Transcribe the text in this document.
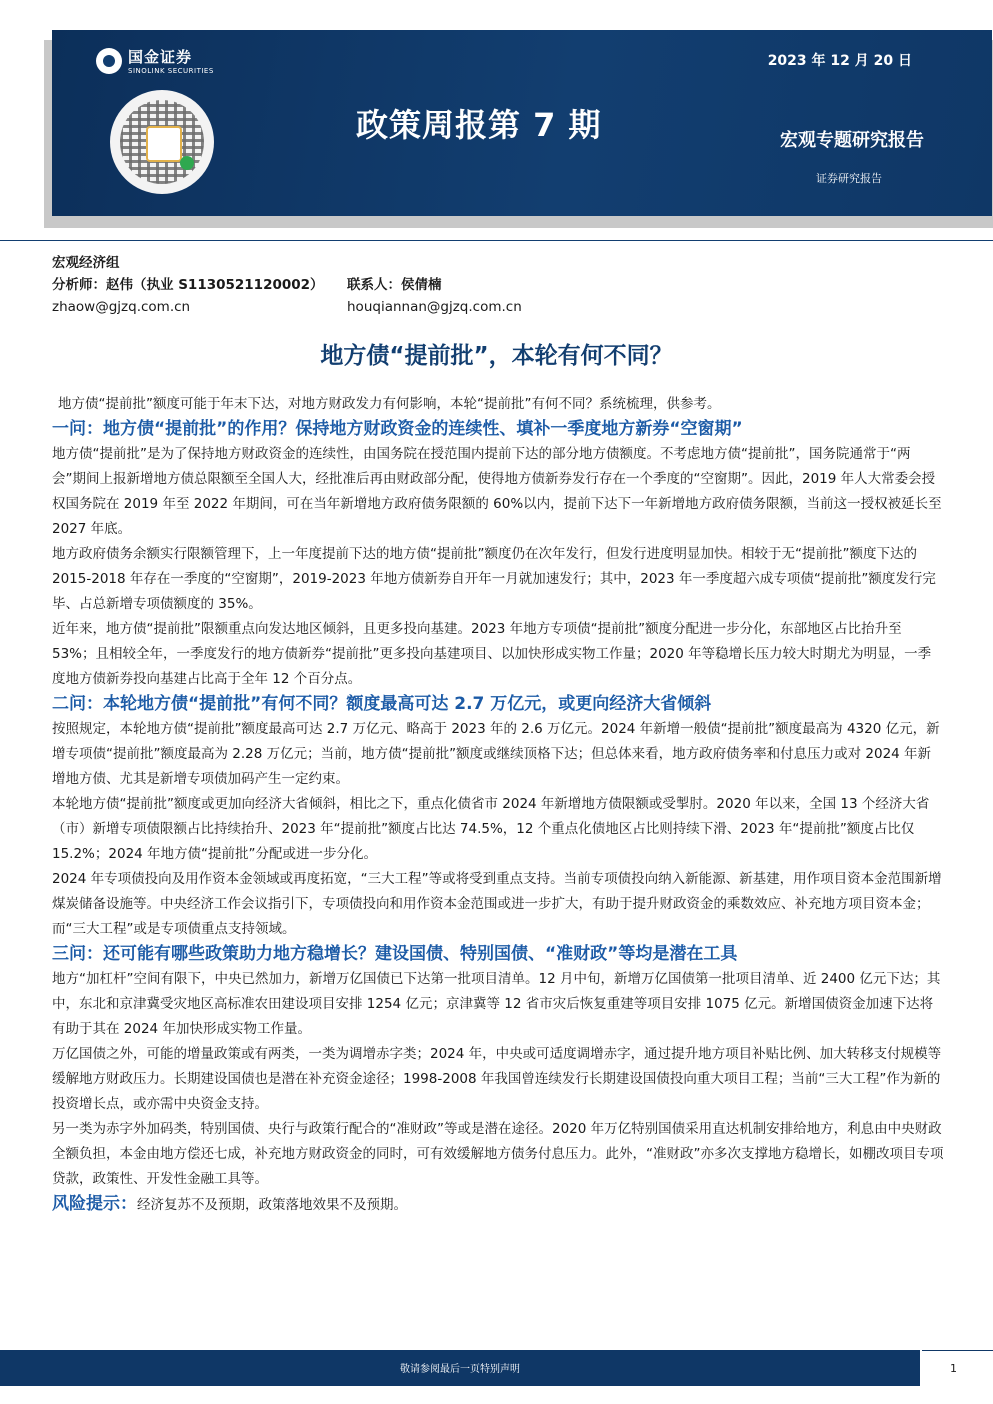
国金证券
SINOLINK SECURITIES
2023 年 12 月 20 日
政策周报第 7 期	宏观专题研究报告
证券研究报告
宏观经济组
分析师：赵伟（执业 S1130521120002）	联系人：侯倩楠
zhaow@gjzq.com.cn	houqiannan@gjzq.com.cn
地方债“提前批”，本轮有何不同？

地方债“提前批”额度可能于年末下达，对地方财政发力有何影响，本轮“提前批”有何不同？系统梳理，供参考。

一问：地方债“提前批”的作用？保持地方财政资金的连续性、填补一季度地方新券“空窗期”

地方债“提前批”是为了保持地方财政资金的连续性，由国务院在授范围内提前下达的部分地方债额度。不考虑地方债“提前批”，国务院通常于“两会”期间上报新增地方债总限额至全国人大，经批准后再由财政部分配，使得地方债新券发行存在一个季度的“空窗期”。因此，2019 年人大常委会授权国务院在 2019 年至 2022 年期间，可在当年新增地方政府债务限额的 60%以内，提前下达下一年新增地方政府债务限额，当前这一授权被延长至 2027 年底。

地方政府债务余额实行限额管理下，上一年度提前下达的地方债“提前批”额度仍在次年发行，但发行进度明显加快。相较于无“提前批”额度下达的 2015-2018 年存在一季度的“空窗期”，2019-2023 年地方债新券自开年一月就加速发行；其中，2023 年一季度超六成专项债“提前批”额度发行完毕、占总新增专项债额度的 35%。

近年来，地方债“提前批”限额重点向发达地区倾斜，且更多投向基建。2023 年地方专项债“提前批”额度分配进一步分化，东部地区占比抬升至 53%；且相较全年，一季度发行的地方债新券“提前批”更多投向基建项目、以加快形成实物工作量；2020 年等稳增长压力较大时期尤为明显，一季度地方债新券投向基建占比高于全年 12 个百分点。

二问：本轮地方债“提前批”有何不同？额度最高可达 2.7 万亿元，或更向经济大省倾斜

按照规定，本轮地方债“提前批”额度最高可达 2.7 万亿元、略高于 2023 年的 2.6 万亿元。2024 年新增一般债“提前批”额度最高为 4320 亿元，新增专项债“提前批”额度最高为 2.28 万亿元；当前，地方债“提前批”额度或继续顶格下达；但总体来看，地方政府债务率和付息压力或对 2024 年新增地方债、尤其是新增专项债加码产生一定约束。

本轮地方债“提前批”额度或更加向经济大省倾斜，相比之下，重点化债省市 2024 年新增地方债限额或受掣肘。2020 年以来，全国 13 个经济大省（市）新增专项债限额占比持续抬升、2023 年“提前批”额度占比达 74.5%，12 个重点化债地区占比则持续下滑、2023 年“提前批”额度占比仅 15.2%；2024 年地方债“提前批”分配或进一步分化。

2024 年专项债投向及用作资本金领域或再度拓宽，“三大工程”等或将受到重点支持。当前专项债投向纳入新能源、新基建，用作项目资本金范围新增煤炭储备设施等。中央经济工作会议指引下，专项债投向和用作资本金范围或进一步扩大，有助于提升财政资金的乘数效应、补充地方项目资本金；而“三大工程”或是专项债重点支持领域。

三问：还可能有哪些政策助力地方稳增长？建设国债、特别国债、“准财政”等均是潜在工具

地方“加杠杆”空间有限下，中央已然加力，新增万亿国债已下达第一批项目清单。12 月中旬，新增万亿国债第一批项目清单、近 2400 亿元下达；其中，东北和京津冀受灾地区高标准农田建设项目安排 1254 亿元；京津冀等 12 省市灾后恢复重建等项目安排 1075 亿元。新增国债资金加速下达将有助于其在 2024 年加快形成实物工作量。

万亿国债之外，可能的增量政策或有两类，一类为调增赤字类；2024 年，中央或可适度调增赤字，通过提升地方项目补贴比例、加大转移支付规模等缓解地方财政压力。长期建设国债也是潜在补充资金途径；1998-2008 年我国曾连续发行长期建设国债投向重大项目工程；当前“三大工程”作为新的投资增长点，或亦需中央资金支持。

另一类为赤字外加码类，特别国债、央行与政策行配合的“准财政”等或是潜在途径。2020 年万亿特别国债采用直达机制安排给地方，利息由中央财政全额负担，本金由地方偿还七成，补充地方财政资金的同时，可有效缓解地方债务付息压力。此外，“准财政”亦多次支撑地方稳增长，如棚改项目专项贷款，政策性、开发性金融工具等。

风险提示： 经济复苏不及预期，政策落地效果不及预期。
敬请参阅最后一页特别声明	1
